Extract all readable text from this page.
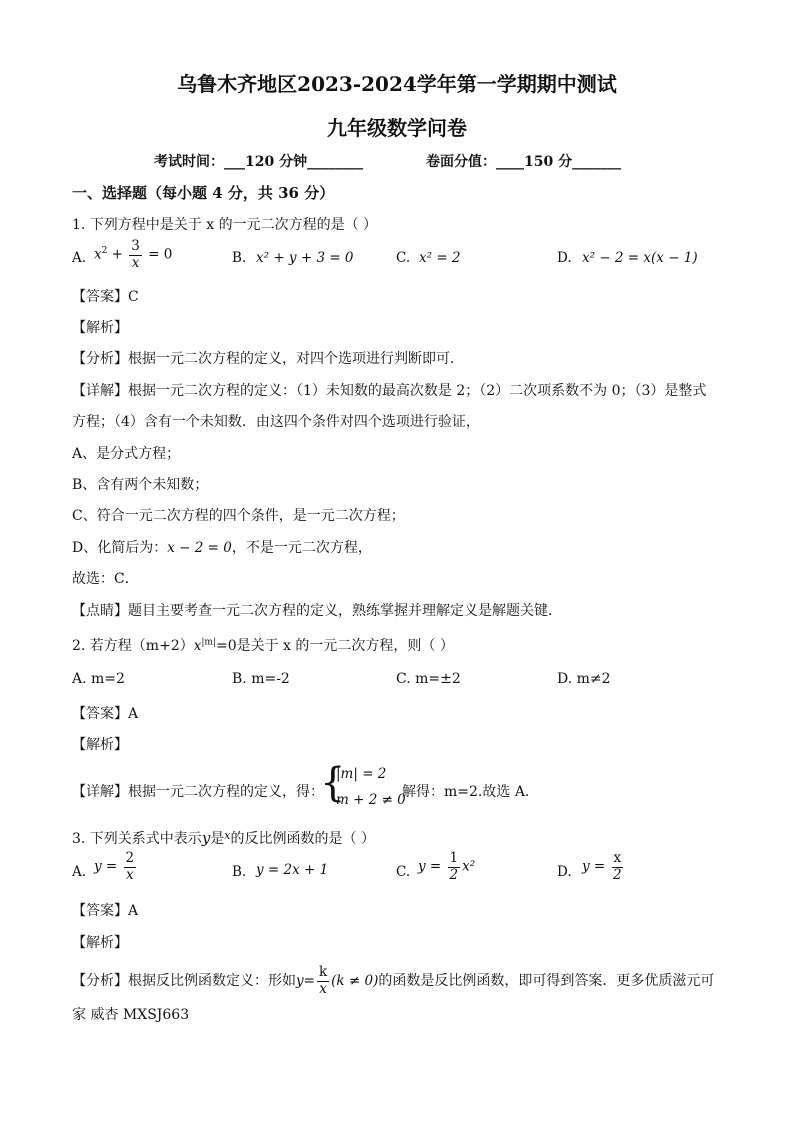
乌鲁木齐地区2023-2024学年第一学期期中测试
九年级数学问卷
考试时间：___120 分钟________	卷面分值：____150 分_______
一、选择题（每小题 4 分，共 36 分）
1. 下列方程中是关于 x 的一元二次方程的是（ ）
A. $x^2 + \frac{3}{x} = 0$	B. x² + y + 3 = 0	C. x² = 2	D. x² − 2 = x(x − 1)
【答案】C
【解析】
【分析】根据一元二次方程的定义，对四个选项进行判断即可．
【详解】根据一元二次方程的定义：（1）未知数的最高次数是 2；（2）二次项系数不为 0；（3）是整式
方程；（4）含有一个未知数．由这四个条件对四个选项进行验证，
A、是分式方程；
B、含有两个未知数；
C、符合一元二次方程的四个条件，是一元二次方程；
D、化简后为：x − 2 = 0，不是一元二次方程，
故选：C．
【点睛】题目主要考查一元二次方程的定义，熟练掌握并理解定义是解题关键．
2. 若方程$(m+2)x^{|m|}=0$是关于 x 的一元二次方程，则（ ）
A. m=2	B. m=-2	C. m=±2	D. m≠2
【答案】A
【解析】
【详解】根据一元二次方程的定义，得：
{
|m| = 2
m + 2 ≠ 0
解得：m=2.故选 A.
3. 下列关系式中表示y是$^x$的反比例函数的是（ ）
A. $y = \frac{2}{x}$	B. y = 2x + 1	C. $y = \frac{1}{2} x^2$	D. $y = \frac{x}{2}$
【答案】A
【解析】
【分析】根据反比例函数定义：形如$y= \frac{k}{x} (k \ne 0)$的函数是反比例函数，即可得到答案．更多优质滋元可
家 威杏 MXSJ663
